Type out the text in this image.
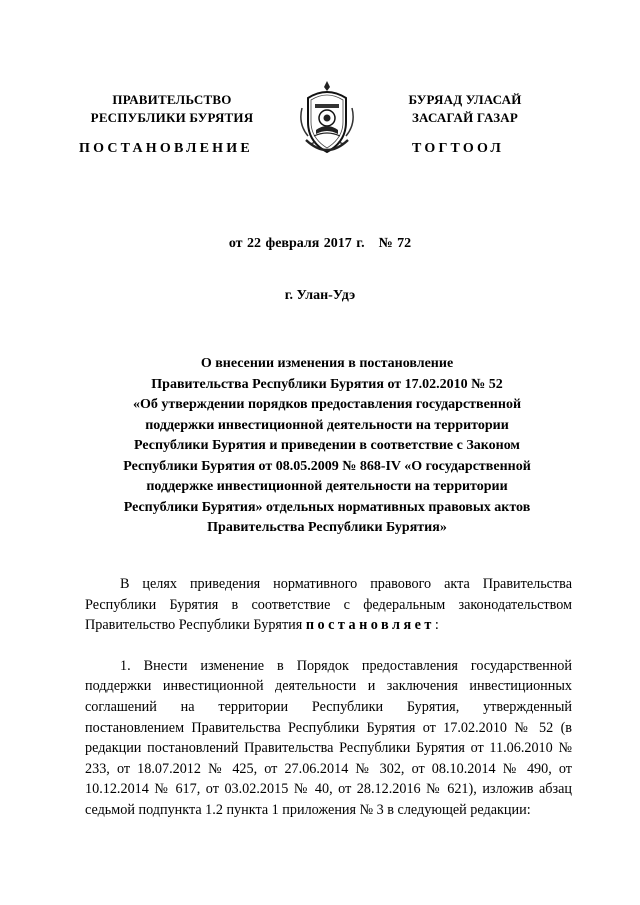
ПРАВИТЕЛЬСТВО
РЕСПУБЛИКИ БУРЯТИЯ
БУРЯАД УЛАСАЙ
ЗАСАГАЙ ГАЗАР
ПОСТАНОВЛЕНИЕ	ТОГТООЛ
от 22 февраля 2017 г. № 72
г. Улан-Удэ
О внесении изменения в постановление
Правительства Республики Бурятия от 17.02.2010 № 52
«Об утверждении порядков предоставления государственной
поддержки инвестиционной деятельности на территории
Республики Бурятия и приведении в соответствие с Законом
Республики Бурятия от 08.05.2009 № 868-IV «О государственной
поддержке инвестиционной деятельности на территории
Республики Бурятия» отдельных нормативных правовых актов
Правительства Республики Бурятия»

В целях приведения нормативного правового акта Правительства Республики Бурятия в соответствие с федеральным законодательством Правительство Республики Бурятия постановляет:

1. Внести изменение в Порядок предоставления государственной поддержки инвестиционной деятельности и заключения инвестиционных соглашений на территории Республики Бурятия, утвержденный постановлением Правительства Республики Бурятия от 17.02.2010 № 52 (в редакции постановлений Правительства Республики Бурятия от 11.06.2010 № 233, от 18.07.2012 № 425, от 27.06.2014 № 302, от 08.10.2014 № 490, от 10.12.2014 № 617, от 03.02.2015 № 40, от 28.12.2016 № 621), изложив абзац седьмой подпункта 1.2 пункта 1 приложения № 3 в следующей редакции:
